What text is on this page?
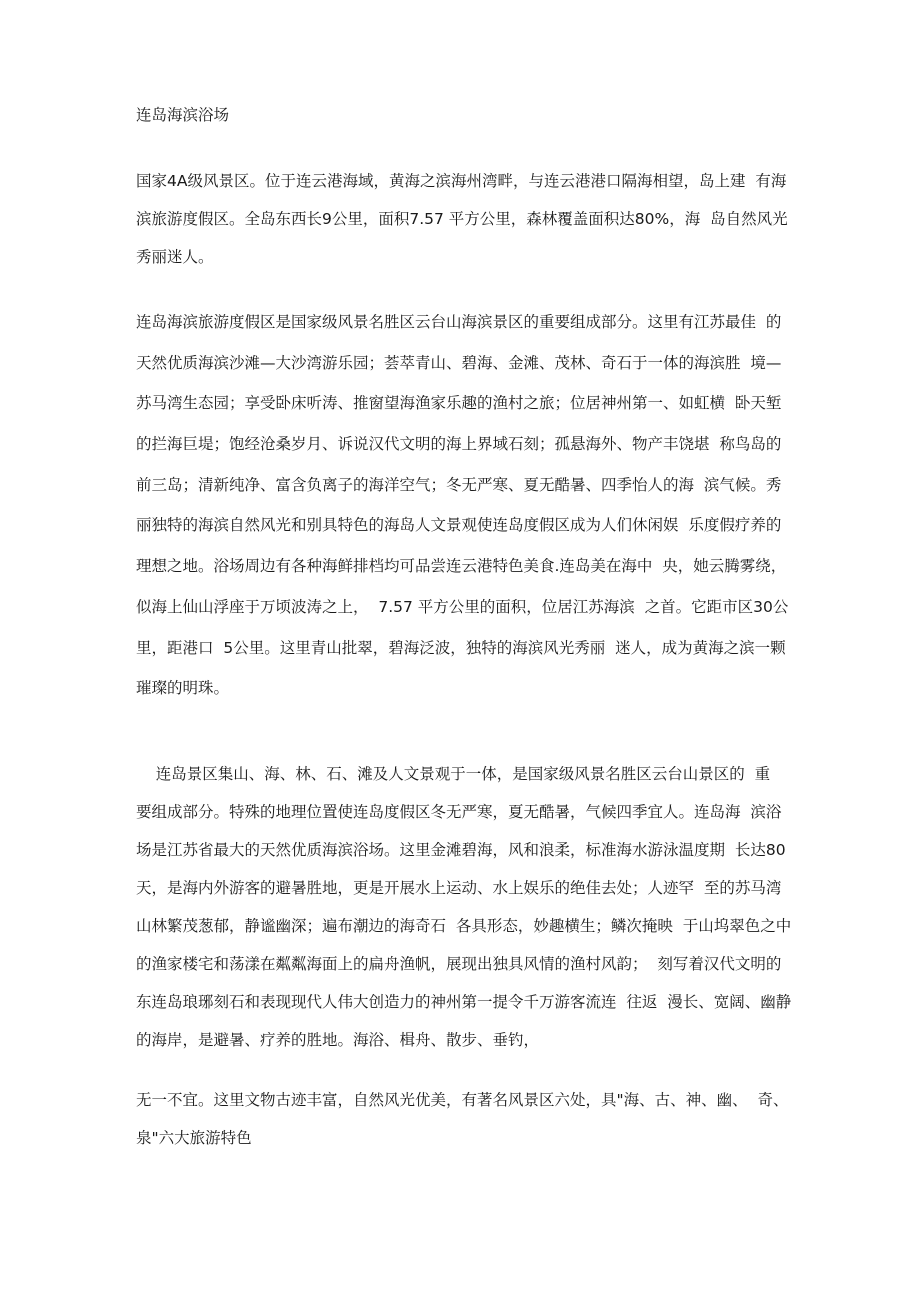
连岛海滨浴场
国家4A级风景区。位于连云港海域，黄海之滨海州湾畔，与连云港港口隔海相望，岛上建  有海
滨旅游度假区。全岛东西长9公里，面积7.57 平方公里，森林覆盖面积达80%，海  岛自然风光
秀丽迷人。
连岛海滨旅游度假区是国家级风景名胜区云台山海滨景区的重要组成部分。这里有江苏最佳  的
天然优质海滨沙滩—大沙湾游乐园；荟萃青山、碧海、金滩、茂林、奇石于一体的海滨胜  境—
苏马湾生态园；享受卧床听涛、推窗望海渔家乐趣的渔村之旅；位居神州第一、如虹横  卧天堑
的拦海巨堤；饱经沧桑岁月、诉说汉代文明的海上界域石刻；孤悬海外、物产丰饶堪  称鸟岛的
前三岛；清新纯净、富含负离子的海洋空气；冬无严寒、夏无酷暑、四季怡人的海  滨气候。秀
丽独特的海滨自然风光和别具特色的海岛人文景观使连岛度假区成为人们休闲娱  乐度假疗养的
理想之地。浴场周边有各种海鲜排档均可品尝连云港特色美食.连岛美在海中  央，她云腾雾绕，
似海上仙山浮座于万顷波涛之上，  7.57 平方公里的面积，位居江苏海滨  之首。它距市区30公
里，距港口  5公里。这里青山批翠，碧海泛波，独特的海滨风光秀丽  迷人，成为黄海之滨一颗
璀璨的明珠。
连岛景区集山、海、林、石、滩及人文景观于一体，是国家级风景名胜区云台山景区的  重
要组成部分。特殊的地理位置使连岛度假区冬无严寒，夏无酷暑，气候四季宜人。连岛海  滨浴
场是江苏省最大的天然优质海滨浴场。这里金滩碧海，风和浪柔，标准海水游泳温度期  长达80
天，是海内外游客的避暑胜地，更是开展水上运动、水上娱乐的绝佳去处；人迹罕  至的苏马湾
山林繁茂葱郁，静谧幽深；遍布潮边的海奇石  各具形态，妙趣横生；鳞次掩映  于山坞翠色之中
的渔家楼宅和荡漾在粼粼海面上的扁舟渔帆，展现出独具风情的渔村风韵；  刻写着汉代文明的
东连岛琅琊刻石和表现现代人伟大创造力的神州第一提令千万游客流连  往返  漫长、宽阔、幽静
的海岸，是避暑、疗养的胜地。海浴、楫舟、散步、垂钓，
无一不宜。这里文物古迹丰富，自然风光优美，有著名风景区六处，具"海、古、神、幽、  奇、
泉"六大旅游特色
